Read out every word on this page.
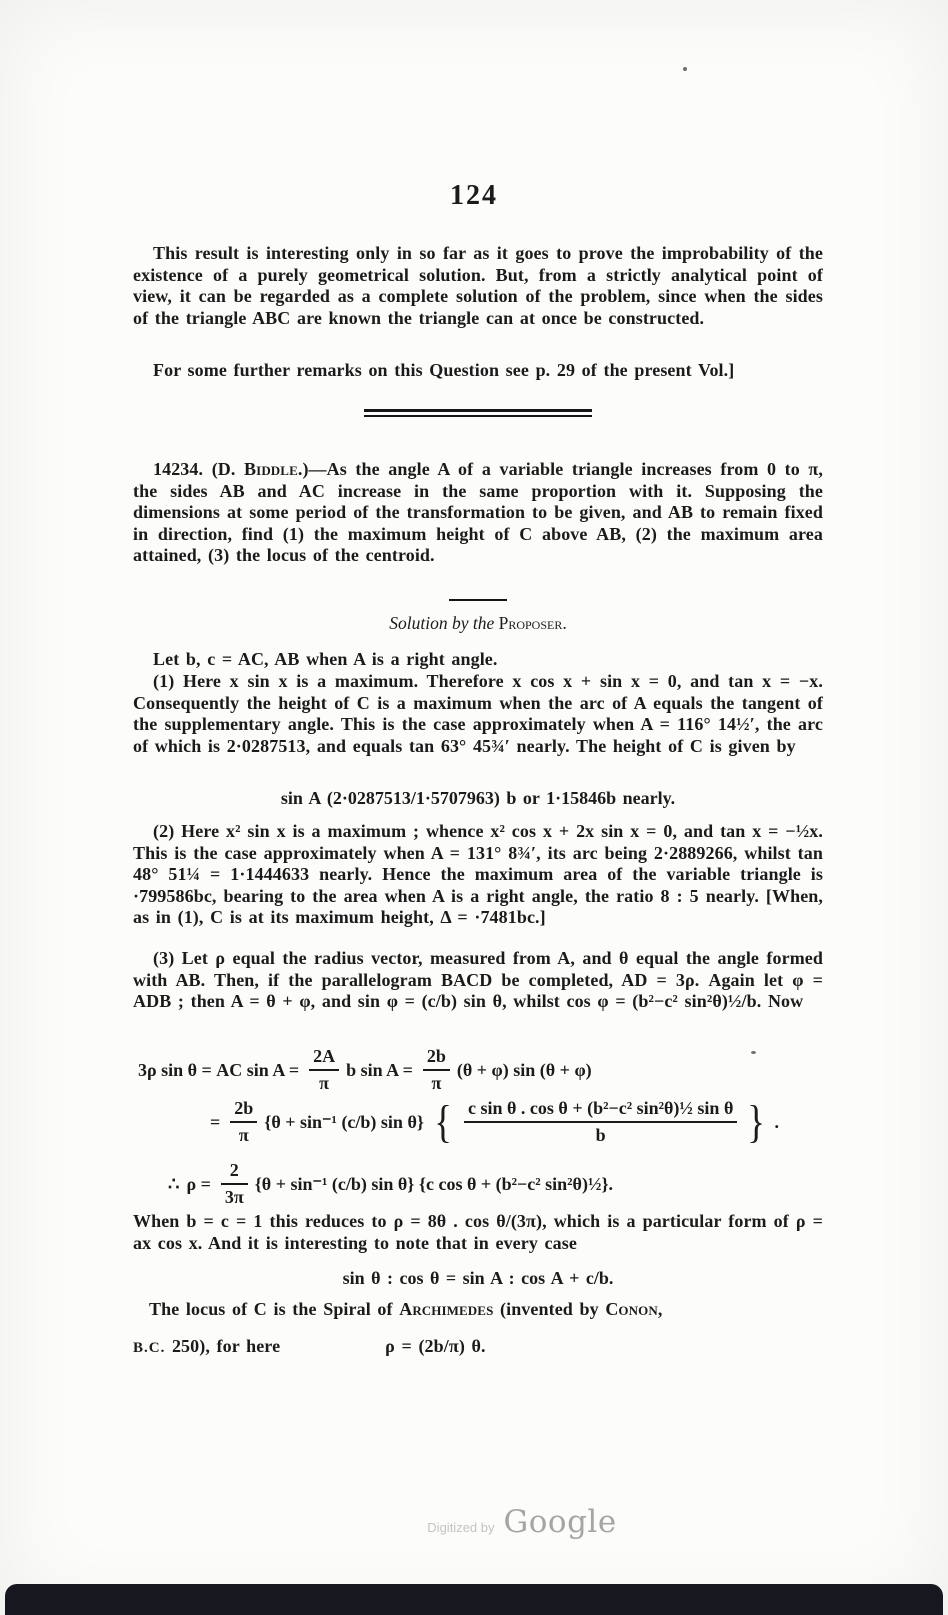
124

This result is interesting only in so far as it goes to prove the improbability of the existence of a purely geometrical solution. But, from a strictly analytical point of view, it can be regarded as a complete solution of the problem, since when the sides of the triangle ABC are known the triangle can at once be constructed.

For some further remarks on this Question see p. 29 of the present Vol.]

14234. (D. Biddle.)—As the angle A of a variable triangle increases from 0 to π, the sides AB and AC increase in the same proportion with it. Supposing the dimensions at some period of the transformation to be given, and AB to remain fixed in direction, find (1) the maximum height of C above AB, (2) the maximum area attained, (3) the locus of the centroid.

Solution by the Proposer.

Let b, c = AC, AB when A is a right angle.

(1) Here x sin x is a maximum. Therefore x cos x + sin x = 0, and tan x = −x. Consequently the height of C is a maximum when the arc of A equals the tangent of the supplementary angle. This is the case approximately when A = 116° 14½′, the arc of which is 2·0287513, and equals tan 63° 45¾′ nearly. The height of C is given by

sin A (2·0287513/1·5707963) b or 1·15846b nearly.

(2) Here x² sin x is a maximum ; whence x² cos x + 2x sin x = 0, and tan x = −½x. This is the case approximately when A = 131° 8¾′, its arc being 2·2889266, whilst tan 48° 51¼ = 1·1444633 nearly. Hence the maximum area of the variable triangle is ·799586bc, bearing to the area when A is a right angle, the ratio 8 : 5 nearly. [When, as in (1), C is at its maximum height, Δ = ·7481bc.]

(3) Let ρ equal the radius vector, measured from A, and θ equal the angle formed with AB. Then, if the parallelogram BACD be completed, AD = 3ρ. Again let φ = ADB ; then A = θ + φ, and sin φ = (c/b) sin θ, whilst cos φ = (b²−c² sin²θ)½/b. Now

3ρ sin θ = AC $\sin A = \frac{2A}{\pi}$ b $\sin A = \frac{2b}{\pi} (\theta + \varphi)$ sin (θ + φ)
= $\frac{2b}{\pi} \{\theta + \sin^{-1}$ (c/b) sin θ} { $\frac{\text{c sin θ . cos θ + (b²−c² sin²θ)½ sin θ}}{b}$ } .
∴ $\rho = \frac{2}{3\pi} \{\theta + \sin^{-1}$ (c/b) sin θ} {c cos θ + (b²−c² sin²θ)½}.

When b = c = 1 this reduces to ρ = 8θ . cos θ/(3π), which is a particular form of ρ = ax cos x. And it is interesting to note that in every case

sin θ : cos θ = sin A : cos A + c/b.

The locus of C is the Spiral of Archimedes (invented by Conon,

B.C. 250), for here	ρ = (2b/π) θ.

Digitized by Google
